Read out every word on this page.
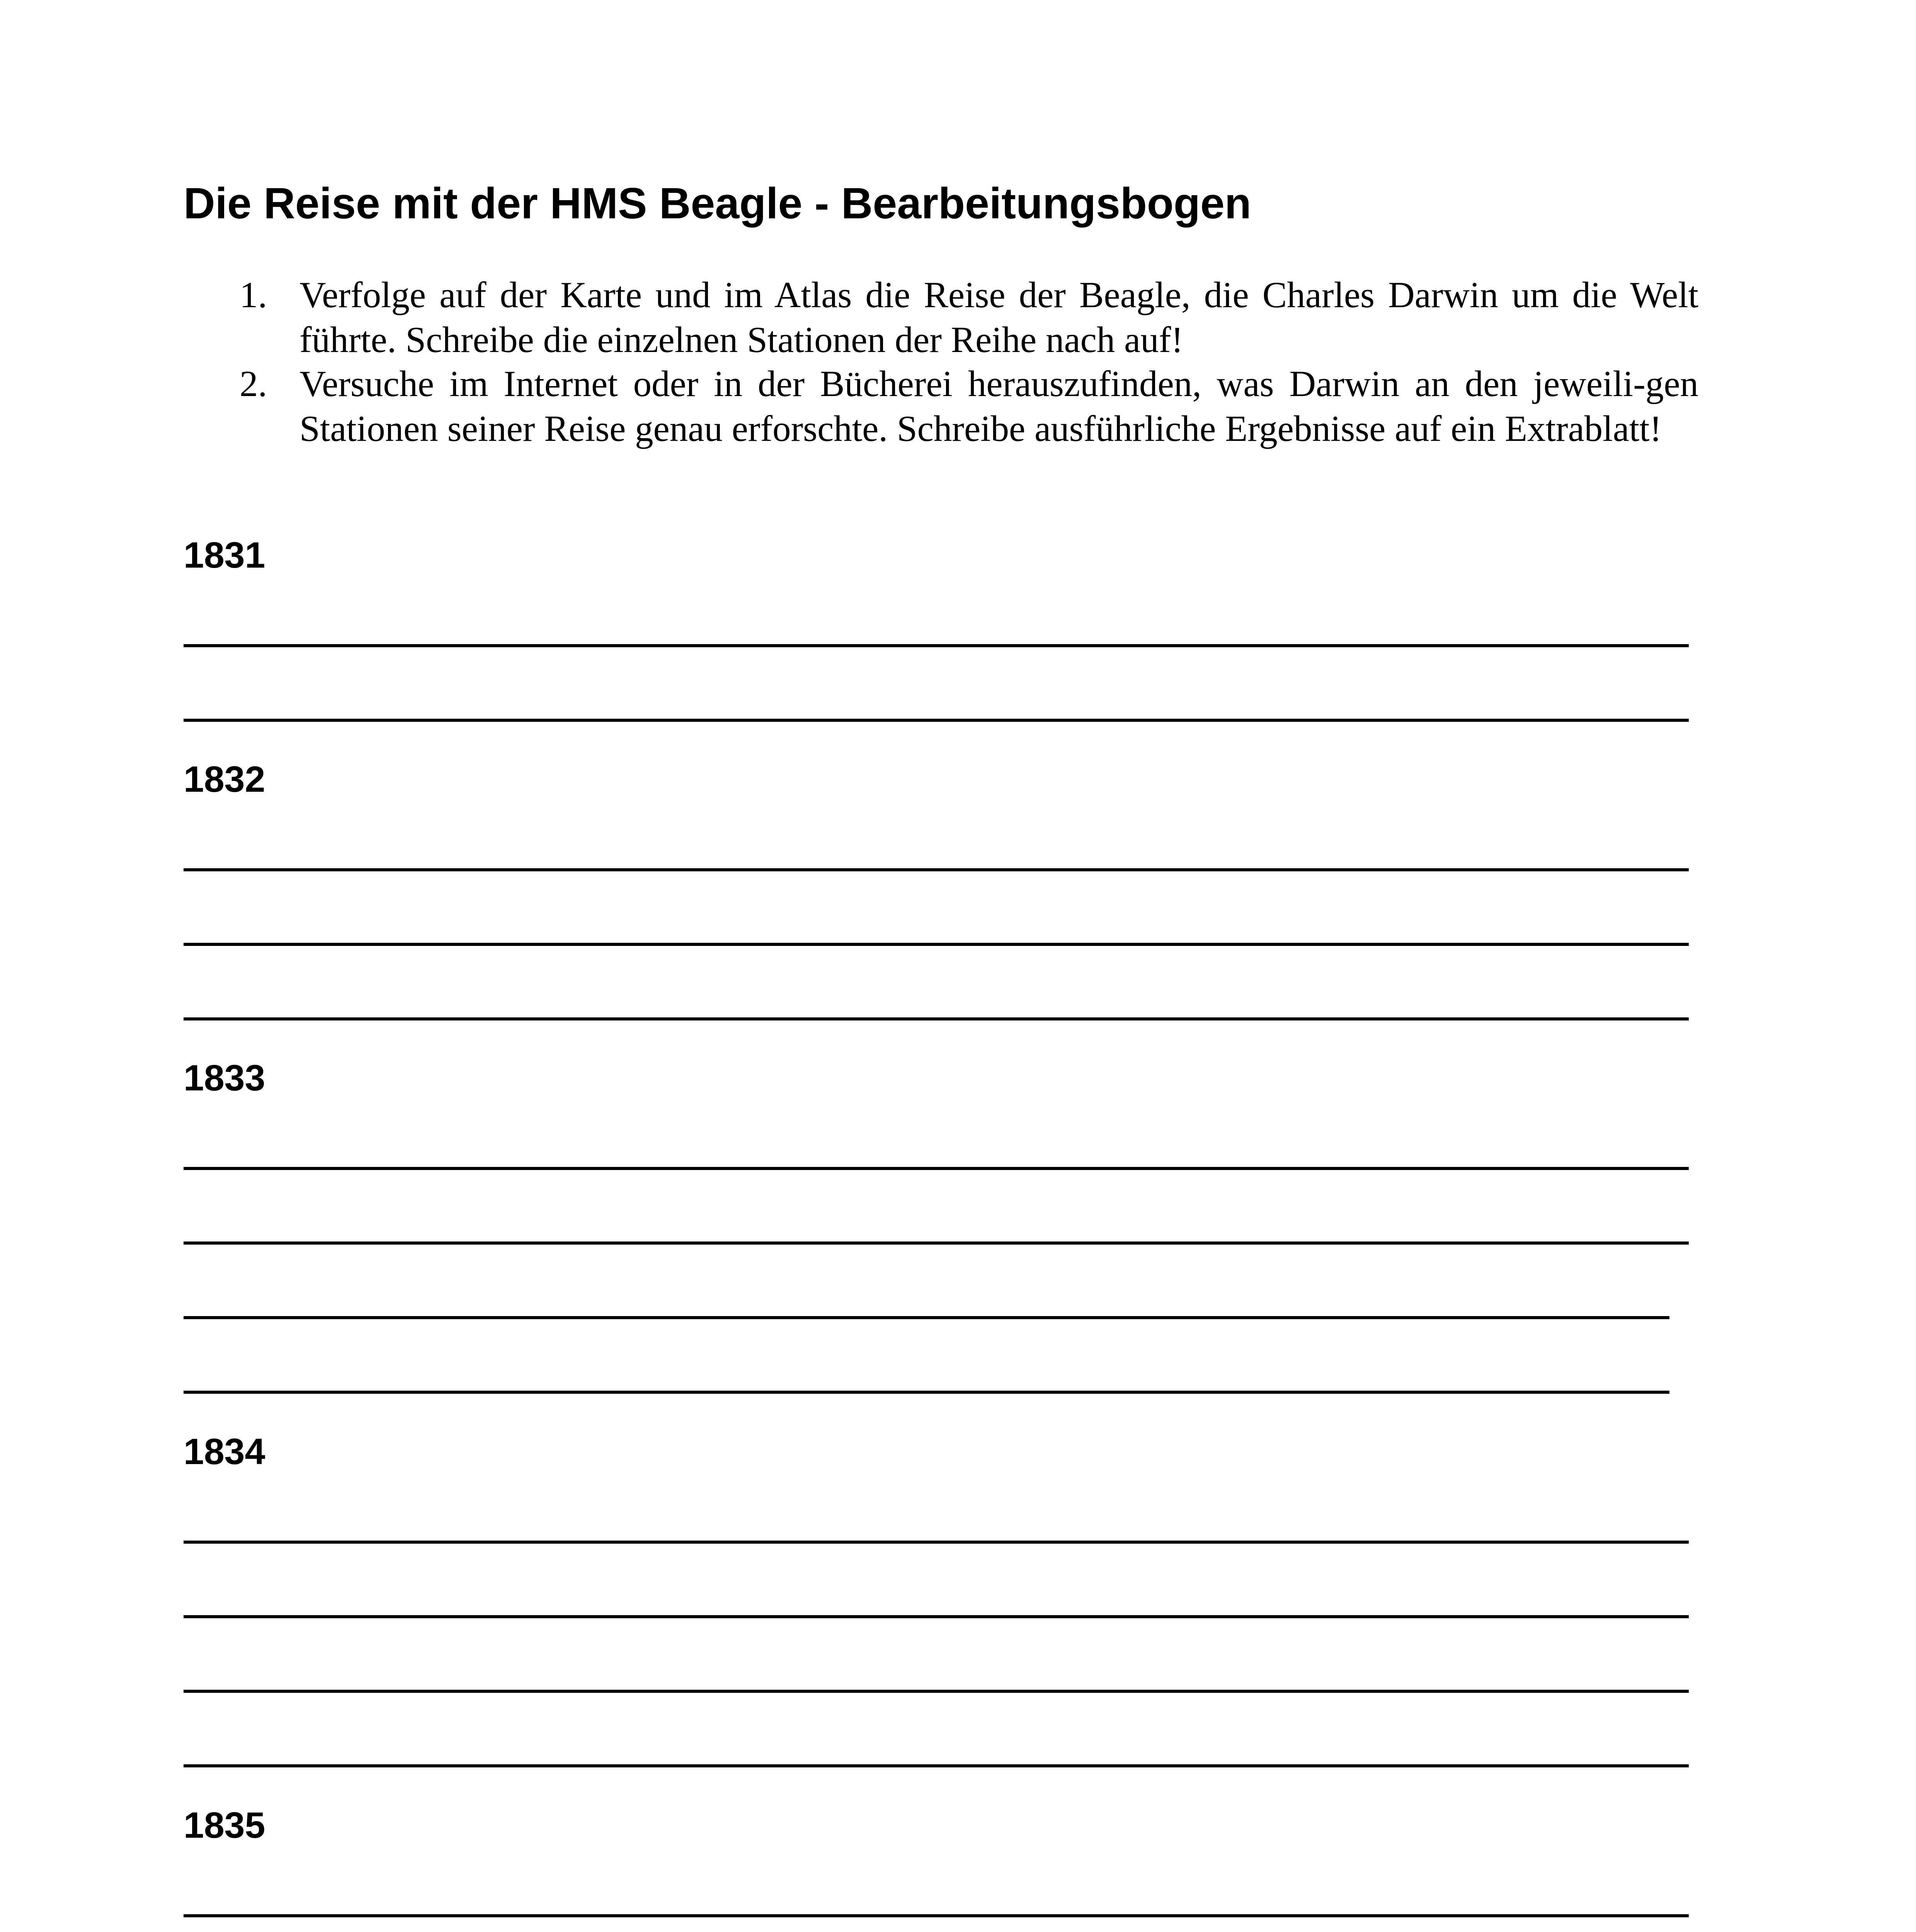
Die Reise mit der HMS Beagle - Bearbeitungsbogen
1. Verfolge auf der Karte und im Atlas die Reise der Beagle, die Charles Darwin um die Welt führte. Schreibe die einzelnen Stationen der Reihe nach auf!
2. Versuche im Internet oder in der Bücherei herauszufinden, was Darwin an den jeweili-gen Stationen seiner Reise genau erforschte. Schreibe ausführliche Ergebnisse auf ein Extrablatt!
1831
1832
1833
1834
1835
